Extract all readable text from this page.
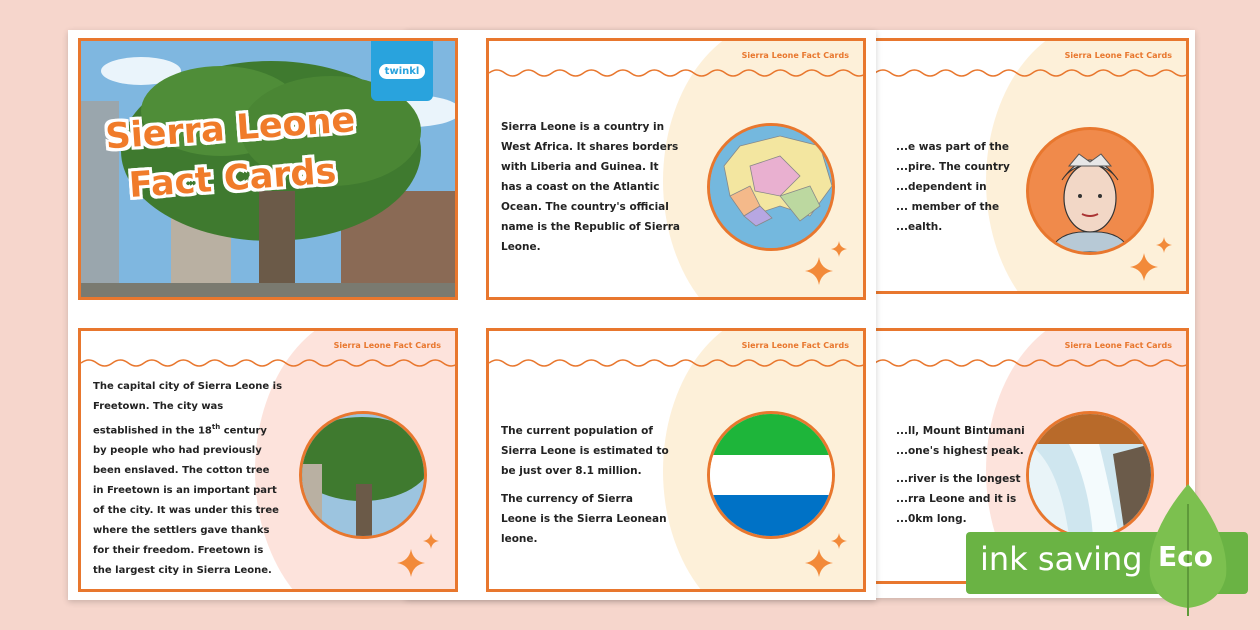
Sierra Leone Fact Cards
...e was part of the
...pire. The country
...dependent in
... member of the
...ealth.
Sierra Leone Fact Cards
...ll, Mount Bintumani
...one's highest peak.
...river is the longest
...rra Leone and it is
...0km long.
twinkl
Sierra Leone
Fact Cards
Sierra Leone Fact Cards

Sierra Leone is a country in West Africa. It shares borders with Liberia and Guinea. It has a coast on the Atlantic Ocean. The country's official name is the Republic of Sierra Leone.

Sierra Leone Fact Cards

The capital city of Sierra Leone is Freetown. The city was established in the 18th century by people who had previously been enslaved. The cotton tree in Freetown is an important part of the city. It was under this tree where the settlers gave thanks for their freedom. Freetown is the largest city in Sierra Leone.

Sierra Leone Fact Cards

The current population of Sierra Leone is estimated to be just over 8.1 million.

The currency of Sierra Leone is the Sierra Leonean leone.

ink saving Eco
